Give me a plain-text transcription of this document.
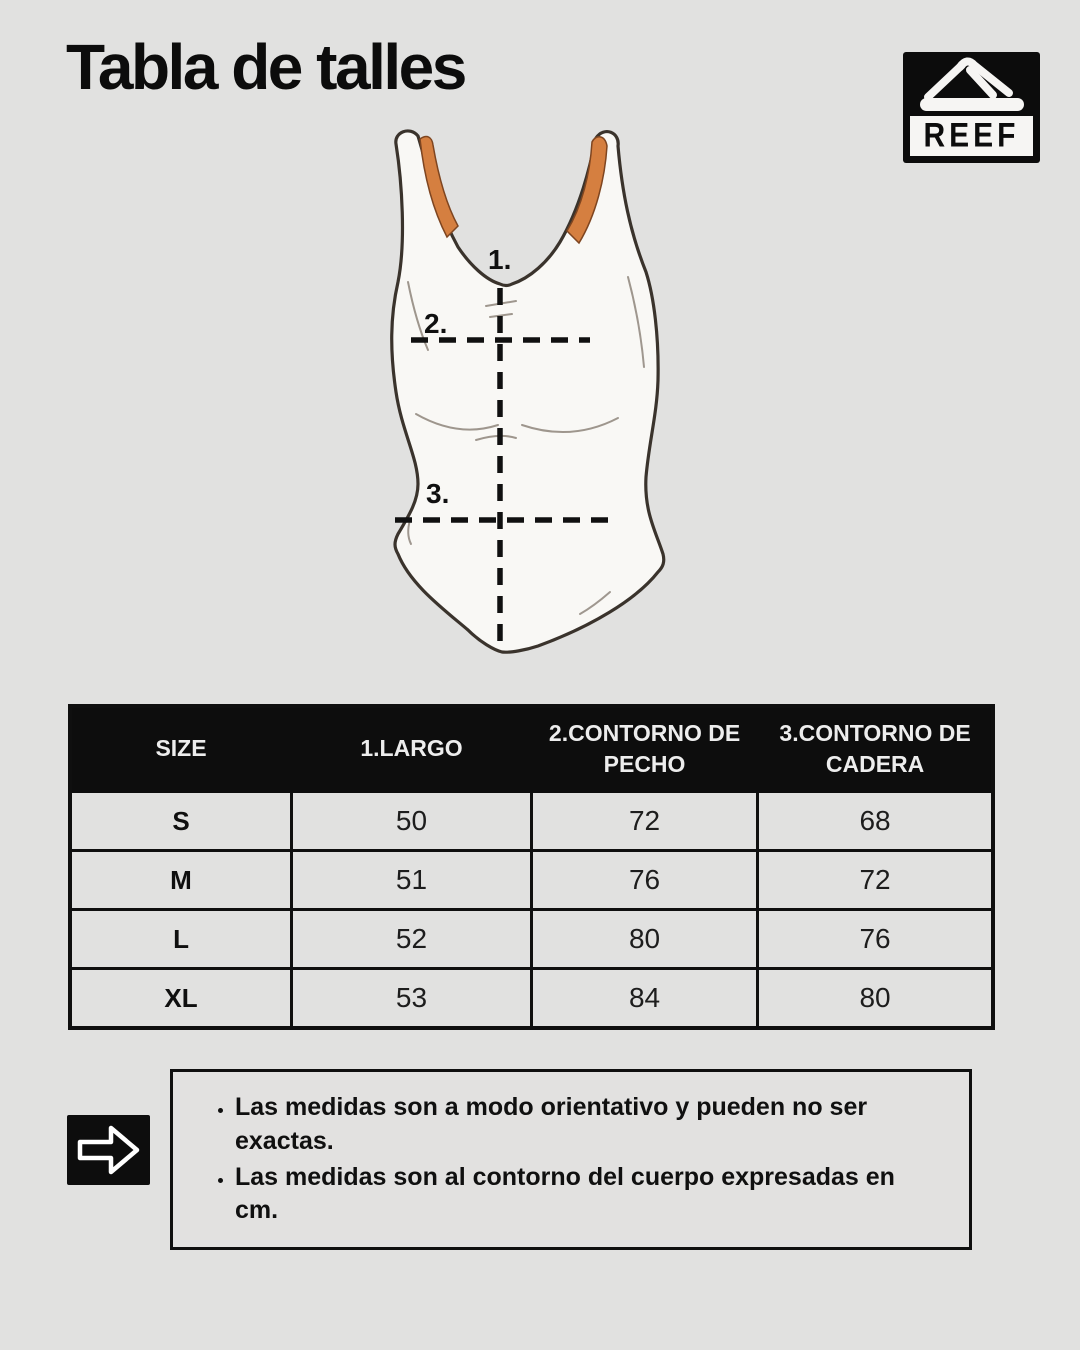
Tabla de talles
REEF
1.
2.
3.
SIZE	1.LARGO	2.CONTORNO DE PECHO	3.CONTORNO DE CADERA
S	50	72	68
M	51	76	72
L	52	80	76
XL	53	84	80
• Las medidas son a modo orientativo y pueden no ser exactas.
• Las medidas son al contorno del cuerpo expresadas en cm.
